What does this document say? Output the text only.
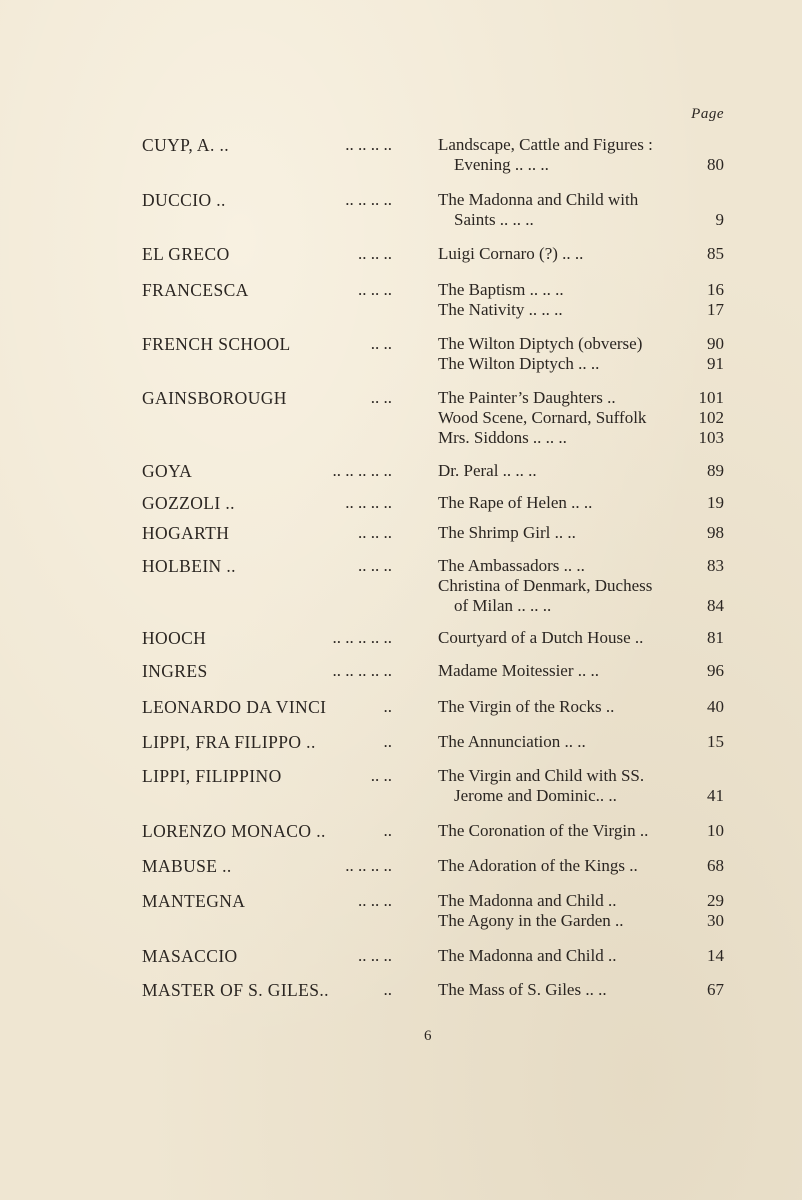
Page
CUYP, A. ..	.. .. .. ..	Landscape, Cattle and Figures :
Evening .. .. ..	80
DUCCIO ..	.. .. .. ..	The Madonna and Child with
Saints .. .. ..	9
EL GRECO	.. .. ..	Luigi Cornaro (?) .. ..	85
FRANCESCA	.. .. ..	The Baptism .. .. ..	16
The Nativity .. .. ..	17
FRENCH SCHOOL	.. ..	The Wilton Diptych (obverse)	90
The Wilton Diptych .. ..	91
GAINSBOROUGH	.. ..	The Painter’s Daughters ..	101
Wood Scene, Cornard, Suffolk	102
Mrs. Siddons .. .. ..	103
GOYA	.. .. .. .. ..	Dr. Peral .. .. ..	89
GOZZOLI ..	.. .. .. ..	The Rape of Helen .. ..	19
HOGARTH	.. .. ..	The Shrimp Girl .. ..	98
HOLBEIN ..	.. .. ..	The Ambassadors .. ..	83
Christina of Denmark, Duchess
of Milan .. .. ..	84
HOOCH	.. .. .. .. ..	Courtyard of a Dutch House ..	81
INGRES	.. .. .. .. ..	Madame Moitessier .. ..	96
LEONARDO DA VINCI	..	The Virgin of the Rocks ..	40
LIPPI, FRA FILIPPO ..	..	The Annunciation .. ..	15
LIPPI, FILIPPINO	.. ..	The Virgin and Child with SS.
Jerome and Dominic.. ..	41
LORENZO MONACO ..	..	The Coronation of the Virgin ..	10
MABUSE ..	.. .. .. ..	The Adoration of the Kings ..	68
MANTEGNA	.. .. ..	The Madonna and Child ..	29
The Agony in the Garden ..	30
MASACCIO	.. .. ..	The Madonna and Child ..	14
MASTER OF S. GILES..	..	The Mass of S. Giles .. ..	67
6
